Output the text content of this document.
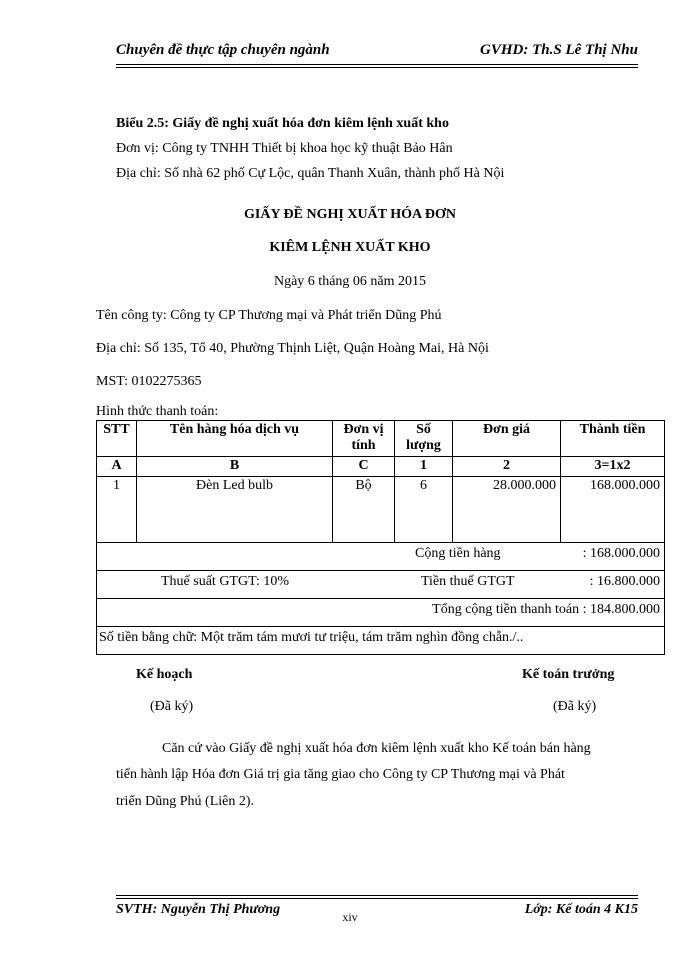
Chuyên đề thực tập chuyên ngành	GVHD: Th.S Lê Thị Nhu
Biểu 2.5: Giấy đề nghị xuất hóa đơn kiêm lệnh xuất kho
Đơn vị: Công ty TNHH Thiết bị khoa học kỹ thuật Bảo Hân
Địa chỉ: Số nhà 62 phố Cự Lộc, quân Thanh Xuân, thành phố Hà Nội
GIẤY ĐỀ NGHỊ XUẤT HÓA ĐƠN
KIÊM LỆNH XUẤT KHO
Ngày 6 tháng 06 năm 2015
Tên công ty: Công ty CP Thương mại và Phát triển Dũng Phú
Địa chỉ: Số 135, Tổ 40, Phường Thịnh Liệt, Quận Hoàng Mai, Hà Nội
MST: 0102275365
Hình thức thanh toán:
STT	Tên hàng hóa dịch vụ	Đơn vị tính	Số lượng	Đơn giá	Thành tiền
A	B	C	1	2	3=1x2
1	Đèn Led bulb	Bộ	6	28.000.000	168.000.000

Cộng tiền hàng : 168.000.000					

Thuế suất GTGT: 10% Tiền thuế GTGT : 16.800.000					

Tổng cộng tiền thanh toán : 184.800.000					
Số tiền bằng chữ: Một trăm tám mươi tư triệu, tám trăm nghìn đồng chẵn./..					
Kế hoạch
(Đã ký)
Kế toán trưởng
(Đã ký)
Căn cứ vào Giấy đề nghị xuất hóa đơn kiêm lệnh xuất kho Kế toán bán hàng
tiến hành lập Hóa đơn Giá trị gia tăng giao cho Công ty CP Thương mại và Phát
triển Dũng Phú (Liên 2).
SVTH: Nguyễn Thị Phương	xiv	Lớp: Kế toán 4 K15
